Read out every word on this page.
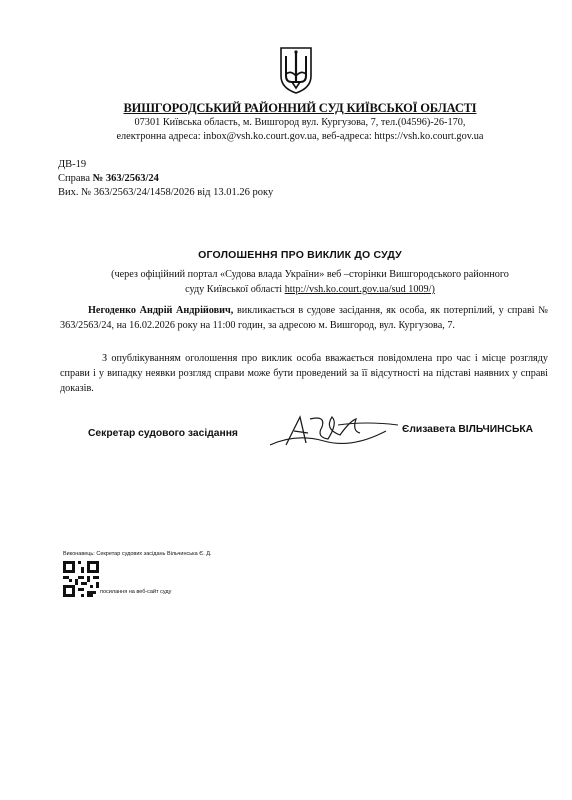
ВИШГОРОДСЬКИЙ РАЙОННИЙ СУД КИЇВСЬКОЇ ОБЛАСТІ
07301 Київська область, м. Вишгород вул. Кургузова, 7, тел.(04596)-26-170,
електронна адреса: inbox@vsh.ko.court.gov.ua, веб-адреса: https://vsh.ko.court.gov.ua
ДВ-19
Справа № 363/2563/24
Вих. № 363/2563/24/1458/2026 від 13.01.26 року
ОГОЛОШЕННЯ ПРО ВИКЛИК ДО СУДУ
(через офіційний портал «Судова влада України» веб –сторінки Вишгородського районного
суду Київської області http://vsh.ko.court.gov.ua/sud 1009/)
Негоденко Андрій Андрійович, викликається в судове засідання, як особа, як потерпілий, у справі № 363/2563/24, на 16.02.2026 року на 11:00 годин, за адресою м. Вишгород, вул. Кургузова, 7.
З опублікуванням оголошення про виклик особа вважається повідомлена про час і місце розгляду справи і у випадку неявки розгляд справи може бути проведений за її відсутності на підставі наявних у справі доказів.
Секретар судового засідання	Єлизавета ВІЛЬЧИНСЬКА
Виконавець: Секретар судових засідань Вільчинська Є. Д.
посилання на веб-сайт суду
